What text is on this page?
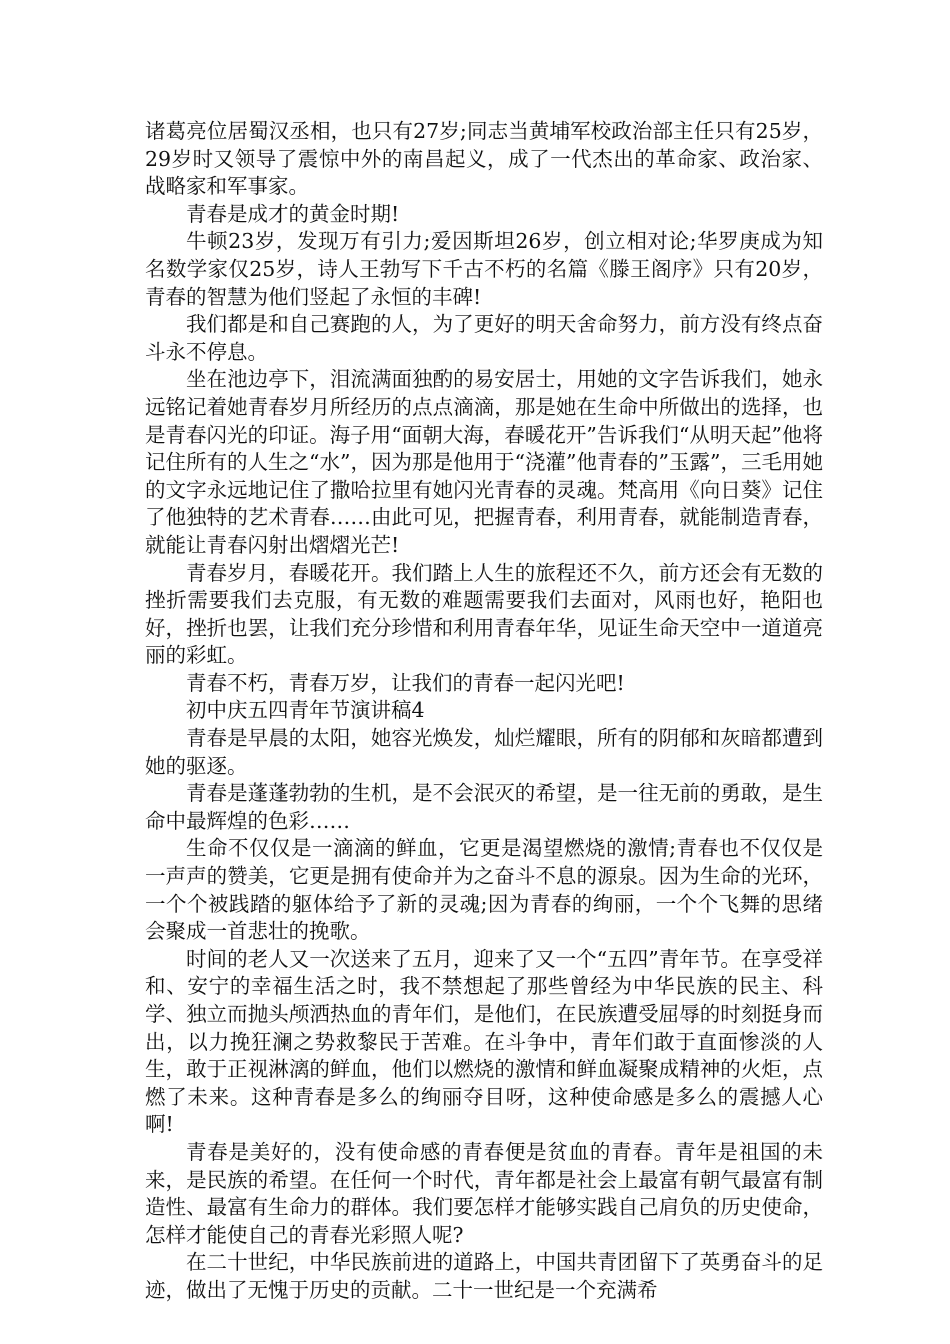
诸葛亮位居蜀汉丞相，也只有27岁;同志当黄埔军校政治部主任只有25岁，29岁时又领导了震惊中外的南昌起义，成了一代杰出的革命家、政治家、战略家和军事家。

青春是成才的黄金时期!

牛顿23岁，发现万有引力;爱因斯坦26岁，创立相对论;华罗庚成为知名数学家仅25岁，诗人王勃写下千古不朽的名篇《滕王阁序》只有20岁，青春的智慧为他们竖起了永恒的丰碑!

我们都是和自己赛跑的人，为了更好的明天舍命努力，前方没有终点奋斗永不停息。

坐在池边亭下，泪流满面独酌的易安居士，用她的文字告诉我们，她永远铭记着她青春岁月所经历的点点滴滴，那是她在生命中所做出的选择，也是青春闪光的印证。海子用“面朝大海，春暖花开”告诉我们“从明天起”他将记住所有的人生之“水”，因为那是他用于“浇灌”他青春的”玉露”，三毛用她的文字永远地记住了撒哈拉里有她闪光青春的灵魂。梵高用《向日葵》记住了他独特的艺术青春……由此可见，把握青春，利用青春，就能制造青春，就能让青春闪射出熠熠光芒!

青春岁月，春暖花开。我们踏上人生的旅程还不久，前方还会有无数的挫折需要我们去克服，有无数的难题需要我们去面对，风雨也好，艳阳也好，挫折也罢，让我们充分珍惜和利用青春年华，见证生命天空中一道道亮丽的彩虹。

青春不朽，青春万岁，让我们的青春一起闪光吧!

初中庆五四青年节演讲稿4

青春是早晨的太阳，她容光焕发，灿烂耀眼，所有的阴郁和灰暗都遭到她的驱逐。

青春是蓬蓬勃勃的生机，是不会泯灭的希望，是一往无前的勇敢，是生命中最辉煌的色彩……

生命不仅仅是一滴滴的鲜血，它更是渴望燃烧的激情;青春也不仅仅是一声声的赞美，它更是拥有使命并为之奋斗不息的源泉。因为生命的光环，一个个被践踏的躯体给予了新的灵魂;因为青春的绚丽，一个个飞舞的思绪会聚成一首悲壮的挽歌。

时间的老人又一次送来了五月，迎来了又一个“五四”青年节。在享受祥和、安宁的幸福生活之时，我不禁想起了那些曾经为中华民族的民主、科学、独立而抛头颅洒热血的青年们，是他们，在民族遭受屈辱的时刻挺身而出，以力挽狂澜之势救黎民于苦难。在斗争中，青年们敢于直面惨淡的人生，敢于正视淋漓的鲜血，他们以燃烧的激情和鲜血凝聚成精神的火炬，点燃了未来。这种青春是多么的绚丽夺目呀，这种使命感是多么的震撼人心啊!

青春是美好的，没有使命感的青春便是贫血的青春。青年是祖国的未来，是民族的希望。在任何一个时代，青年都是社会上最富有朝气最富有制造性、最富有生命力的群体。我们要怎样才能够实践自己肩负的历史使命，怎样才能使自己的青春光彩照人呢?

在二十世纪，中华民族前进的道路上，中国共青团留下了英勇奋斗的足迹，做出了无愧于历史的贡献。二十一世纪是一个充满希
